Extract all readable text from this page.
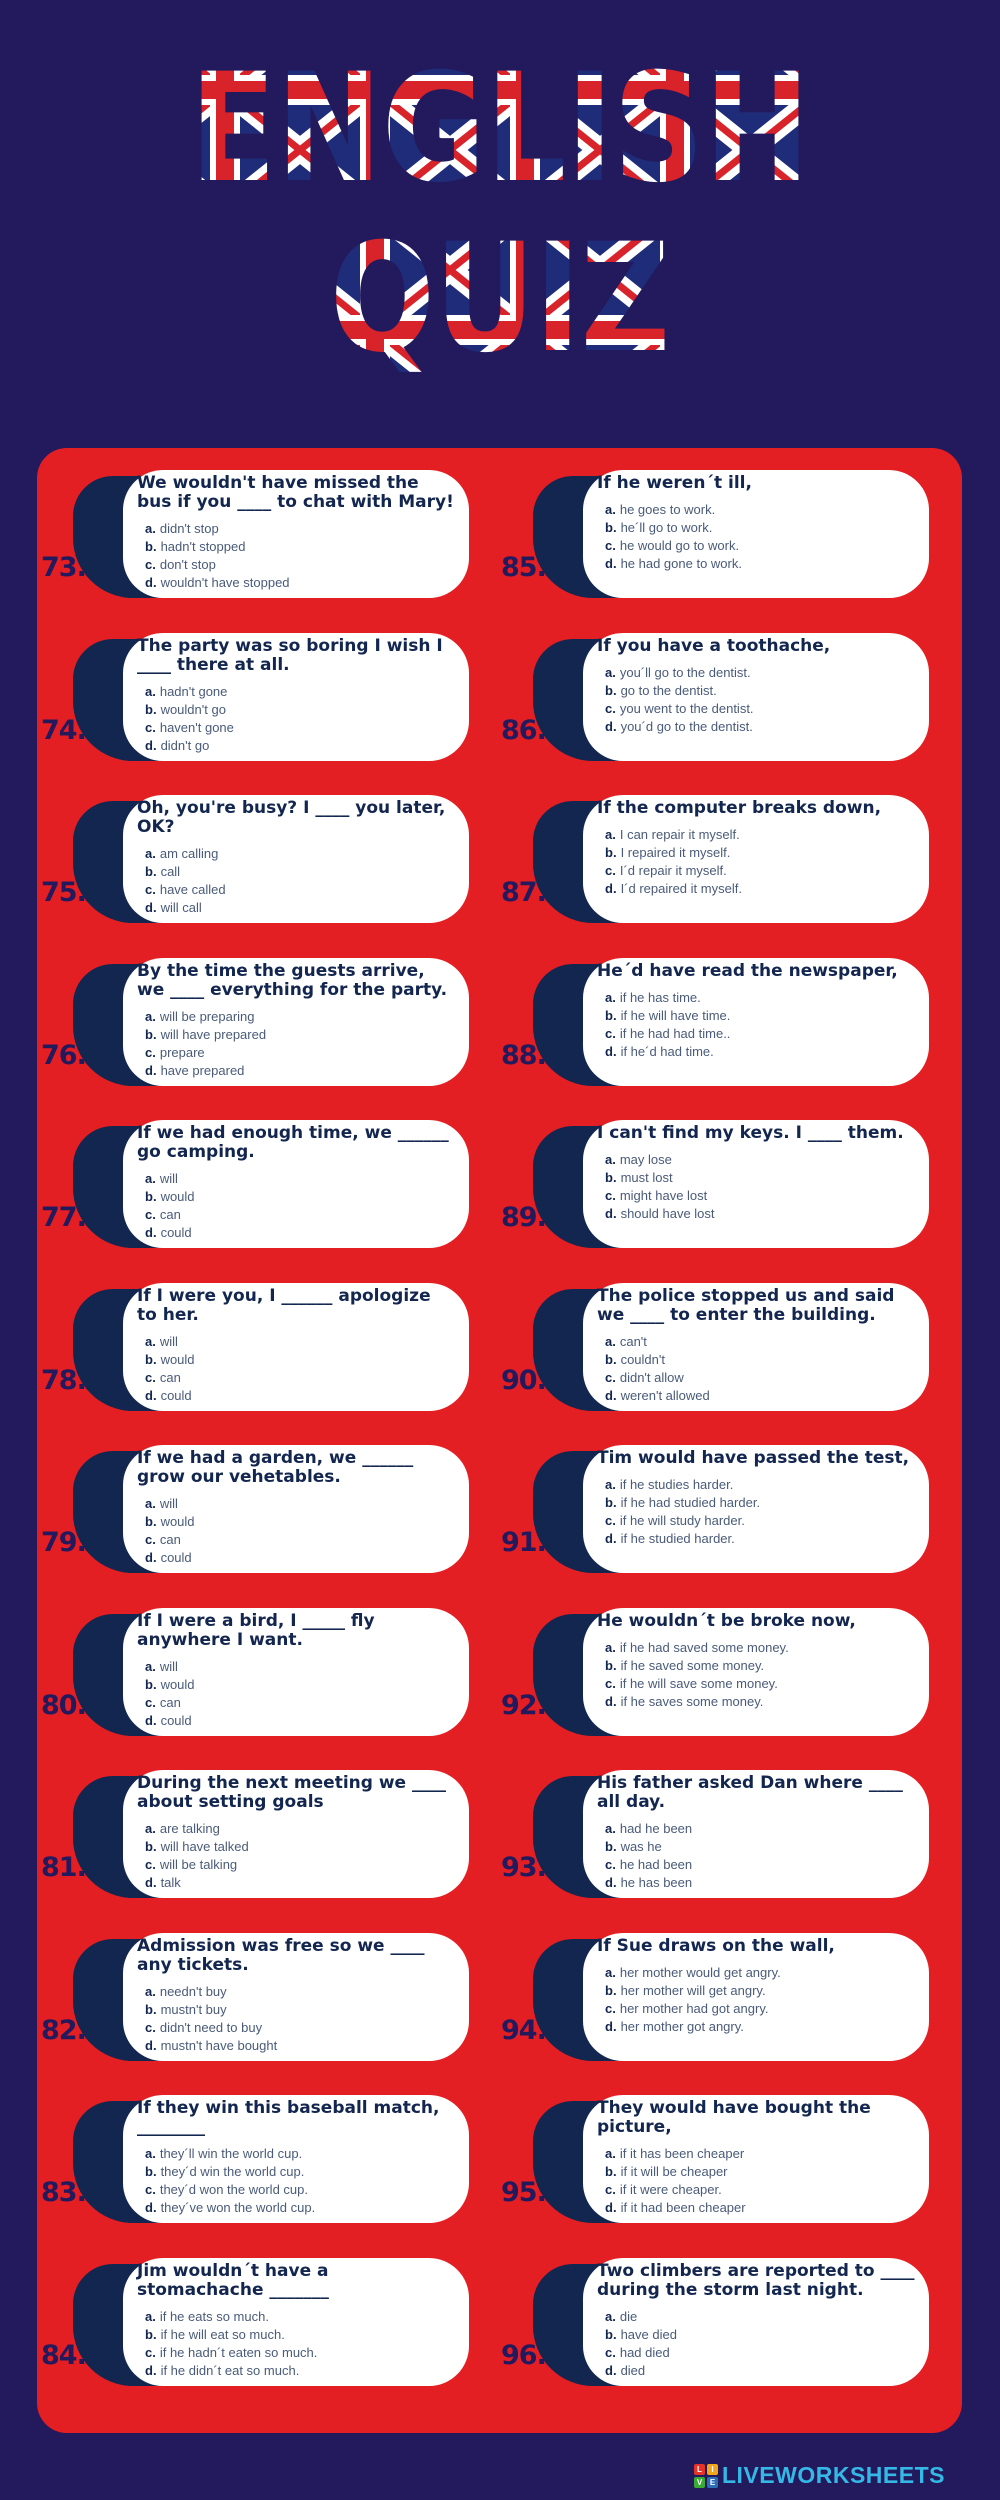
ENGLISH
QUIZ
73.
We wouldn't have missed the bus if you ____ to chat with Mary!
a. didn't stop
b. hadn't stopped
c. don't stop
d. wouldn't have stopped
74.
The party was so boring I wish I ____ there at all.
a. hadn't gone
b. wouldn't go
c. haven't gone
d. didn't go
75.
Oh, you're busy? I ____ you later, OK?
a. am calling
b. call
c. have called
d. will call
76.
By the time the guests arrive, we ____ everything for the party.
a. will be preparing
b. will have prepared
c. prepare
d. have prepared
77.
If we had enough time, we ______ go camping.
a. will
b. would
c. can
d. could
78.
If I were you, I ______ apologize to her.
a. will
b. would
c. can
d. could
79.
If we had a garden, we ______ grow our vehetables.
a. will
b. would
c. can
d. could
80.
If I were a bird, I _____ fly anywhere I want.
a. will
b. would
c. can
d. could
81.
During the next meeting we ____ about setting goals
a. are talking
b. will have talked
c. will be talking
d. talk
82.
Admission was free so we ____ any tickets.
a. needn't buy
b. mustn't buy
c. didn't need to buy
d. mustn't have bought
83.
If they win this baseball match, ________
a. they´ll win the world cup.
b. they´d win the world cup.
c. they´d won the world cup.
d. they´ve won the world cup.
84.
Jim wouldn´t have a stomachache _______
a. if he eats so much.
b. if he will eat so much.
c. if he hadn´t eaten so much.
d. if he didn´t eat so much.
85.
If he weren´t ill,
a. he goes to work.
b. he´ll go to work.
c. he would go to work.
d. he had gone to work.
86.
If you have a toothache,
a. you´ll go to the dentist.
b. go to the dentist.
c. you went to the dentist.
d. you´d go to the dentist.
87.
If the computer breaks down,
a. I can repair it myself.
b. I repaired it myself.
c. I´d repair it myself.
d. I´d repaired it myself.
88.
He´d have read the newspaper,
a. if he has time.
b. if he will have time.
c. if he had had time..
d. if he´d had time.
89.
I can't find my keys. I ____ them.
a. may lose
b. must lost
c. might have lost
d. should have lost
90.
The police stopped us and said we ____ to enter the building.
a. can't
b. couldn't
c. didn't allow
d. weren't allowed
91.
Tim would have passed the test,
a. if he studies harder.
b. if he had studied harder.
c. if he will study harder.
d. if he studied harder.
92.
He wouldn´t be broke now,
a. if he had saved some money.
b. if he saved some money.
c. if he will save some money.
d. if he saves some money.
93.
His father asked Dan where ____ all day.
a. had he been
b. was he
c. he had been
d. he has been
94.
If Sue draws on the wall,
a. her mother would get angry.
b. her mother will get angry.
c. her mother had got angry.
d. her mother got angry.
95.
They would have bought the picture,
a. if it has been cheaper
b. if it will be cheaper
c. if it were cheaper.
d. if it had been cheaper
96.
Two climbers are reported to ____ during the storm last night.
a. die
b. have died
c. had died
d. died
L	I
V E LIVEWORKSHEETS
